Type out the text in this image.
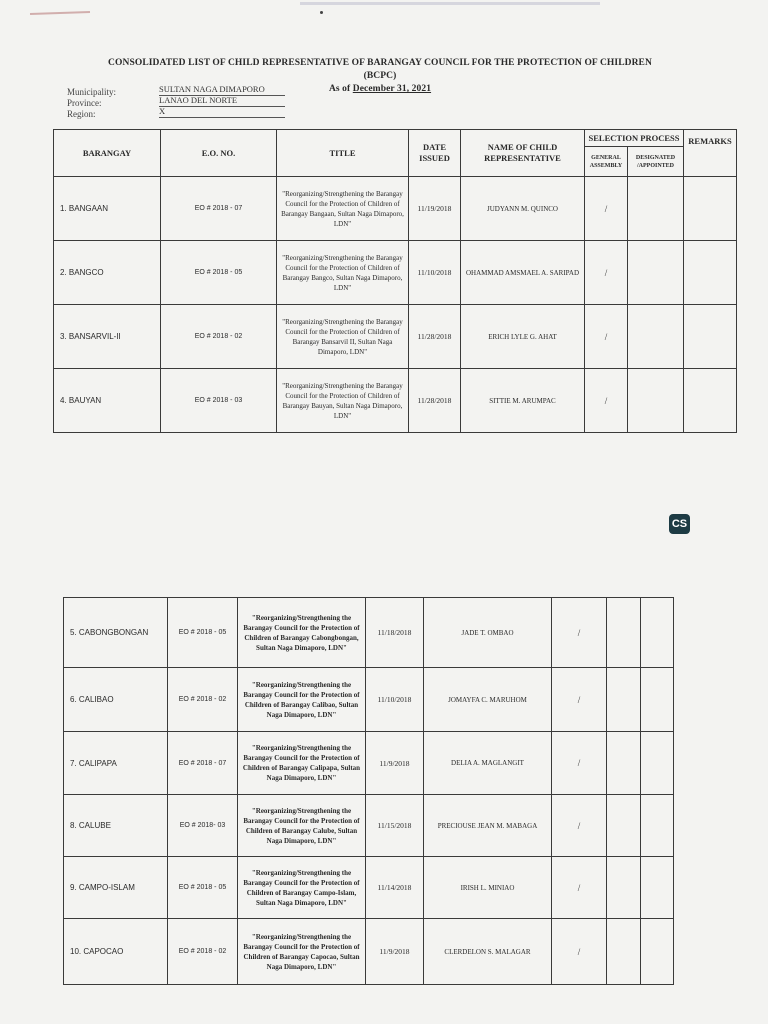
CONSOLIDATED LIST OF CHILD REPRESENTATIVE OF BARANGAY COUNCIL FOR THE PROTECTION OF CHILDREN (BCPC)
As of December 31, 2021
Municipality:	SULTAN NAGA DIMAPORO
Province:	LANAO DEL NORTE
Region:	X
BARANGAY	E.O. NO.	TITLE	DATE ISSUED	NAME OF CHILD REPRESENTATIVE	SELECTION PROCESS		REMARKS
					GENERAL ASSEMBLY	DESIGNATED /APPOINTED	
1. BANGAAN	EO # 2018 - 07	"Reorganizing/Strengthening the Barangay Council for the Protection of Children of Barangay Bangaan, Sultan Naga Dimaporo, LDN"	11/19/2018	JUDYANN M. QUINCO	/		
2. BANGCO	EO # 2018 - 05	"Reorganizing/Strengthening the Barangay Council for the Protection of Children of Barangay Bangco, Sultan Naga Dimaporo, LDN"	11/10/2018	OHAMMAD AMSMAEL A. SARIPAD	/		
3. BANSARVIL-II	EO # 2018 - 02	"Reorganizing/Strengthening the Barangay Council for the Protection of Children of Barangay Bansarvil II, Sultan Naga Dimaporo, LDN"	11/28/2018	ERICH LYLE G. AHAT	/		
4. BAUYAN	EO # 2018 - 03	"Reorganizing/Strengthening the Barangay Council for the Protection of Children of Barangay Bauyan, Sultan Naga Dimaporo, LDN"	11/28/2018	SITTIE M. ARUMPAC	/		
CS
5. CABONGBONGAN	EO # 2018 - 05	"Reorganizing/Strengthening the Barangay Council for the Protection of Children of Barangay Cabongbongan, Sultan Naga Dimaporo, LDN"	11/18/2018	JADE T. OMBAO	/		
6. CALIBAO	EO # 2018 - 02	"Reorganizing/Strengthening the Barangay Council for the Protection of Children of Barangay Calibao, Sultan Naga Dimaporo, LDN"	11/10/2018	JOMAYFA C. MARUHOM	/		
7. CALIPAPA	EO # 2018 - 07	"Reorganizing/Strengthening the Barangay Council for the Protection of Children of Barangay Calipapa, Sultan Naga Dimaporo, LDN"	11/9/2018	DELIA A. MAGLANGIT	/		
8. CALUBE	EO # 2018- 03	"Reorganizing/Strengthening the Barangay Council for the Protection of Children of Barangay Calube, Sultan Naga Dimaporo, LDN"	11/15/2018	PRECIOUSE JEAN M. MABAGA	/		
9. CAMPO-ISLAM	EO # 2018 - 05	"Reorganizing/Strengthening the Barangay Council for the Protection of Children of Barangay Campo-Islam, Sultan Naga Dimaporo, LDN"	11/14/2018	IRISH L. MINIAO	/		
10. CAPOCAO	EO # 2018 - 02	"Reorganizing/Strengthening the Barangay Council for the Protection of Children of Barangay Capocao, Sultan Naga Dimaporo, LDN"	11/9/2018	CLERDELON S. MALAGAR	/		
